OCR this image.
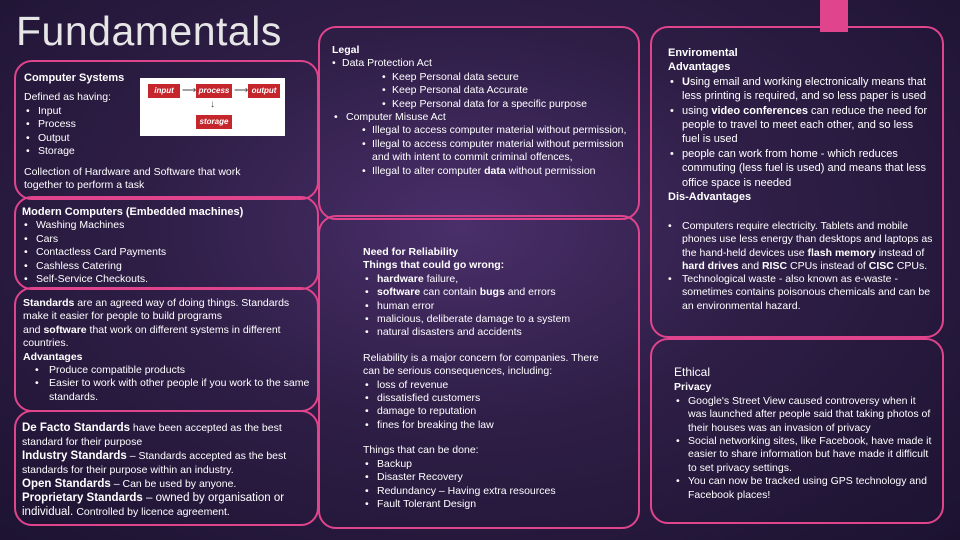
Fundamentals
Computer Systems
Defined as having:
• Input
• Process
• Output
• Storage
input ⟶ process ⟶ output
↓
storage
Collection of Hardware and Software that work together to perform a task
Modern Computers (Embedded machines)
• Washing Machines
• Cars
• Contactless Card Payments
• Cashless Catering
• Self-Service Checkouts.
Standards are an agreed way of doing things. Standards make it easier for people to build programs
and software that work on different systems in different countries.
Advantages
• Produce compatible products
• Easier to work with other people if you work to the same standards.
De Facto Standards have been accepted as the best standard for their purpose
Industry Standards – Standards accepted as the best standards for their purpose within an industry.
Open Standards – Can be used by anyone.
Proprietary Standards – owned by organisation or individual. Controlled by licence agreement.
Legal
• Data Protection Act
• Keep Personal data secure
• Keep Personal data Accurate
• Keep Personal data for a specific purpose
• Computer Misuse Act
• Illegal to access computer material without permission,
• Illegal to access computer material without permission and with intent to commit criminal offences,
• Illegal to alter computer data without permission
Need for Reliability
Things that could go wrong:
• hardware failure,
• software can contain bugs and errors
• human error
• malicious, deliberate damage to a system
• natural disasters and accidents
Reliability is a major concern for companies. There can be serious consequences, including:
• loss of revenue
• dissatisfied customers
• damage to reputation
• fines for breaking the law
Things that can be done:
• Backup
• Disaster Recovery
• Redundancy – Having extra resources
• Fault Tolerant Design
Enviromental Advantages
• Using email and working electronically means that less printing is required, and so less paper is used
• using video conferences can reduce the need for people to travel to meet each other, and so less fuel is used
• people can work from home - which reduces commuting (less fuel is used) and means that less office space is needed
Dis-Advantages
• Computers require electricity. Tablets and mobile phones use less energy than desktops and laptops as the hand-held devices use flash memory instead of hard drives and RISC CPUs instead of CISC CPUs.
• Technological waste - also known as e-waste - sometimes contains poisonous chemicals and can be an environmental hazard.
Ethical
Privacy
• Google's Street View caused controversy when it was launched after people said that taking photos of their houses was an invasion of privacy
• Social networking sites, like Facebook, have made it easier to share information but have made it difficult to set privacy settings.
• You can now be tracked using GPS technology and Facebook places!
